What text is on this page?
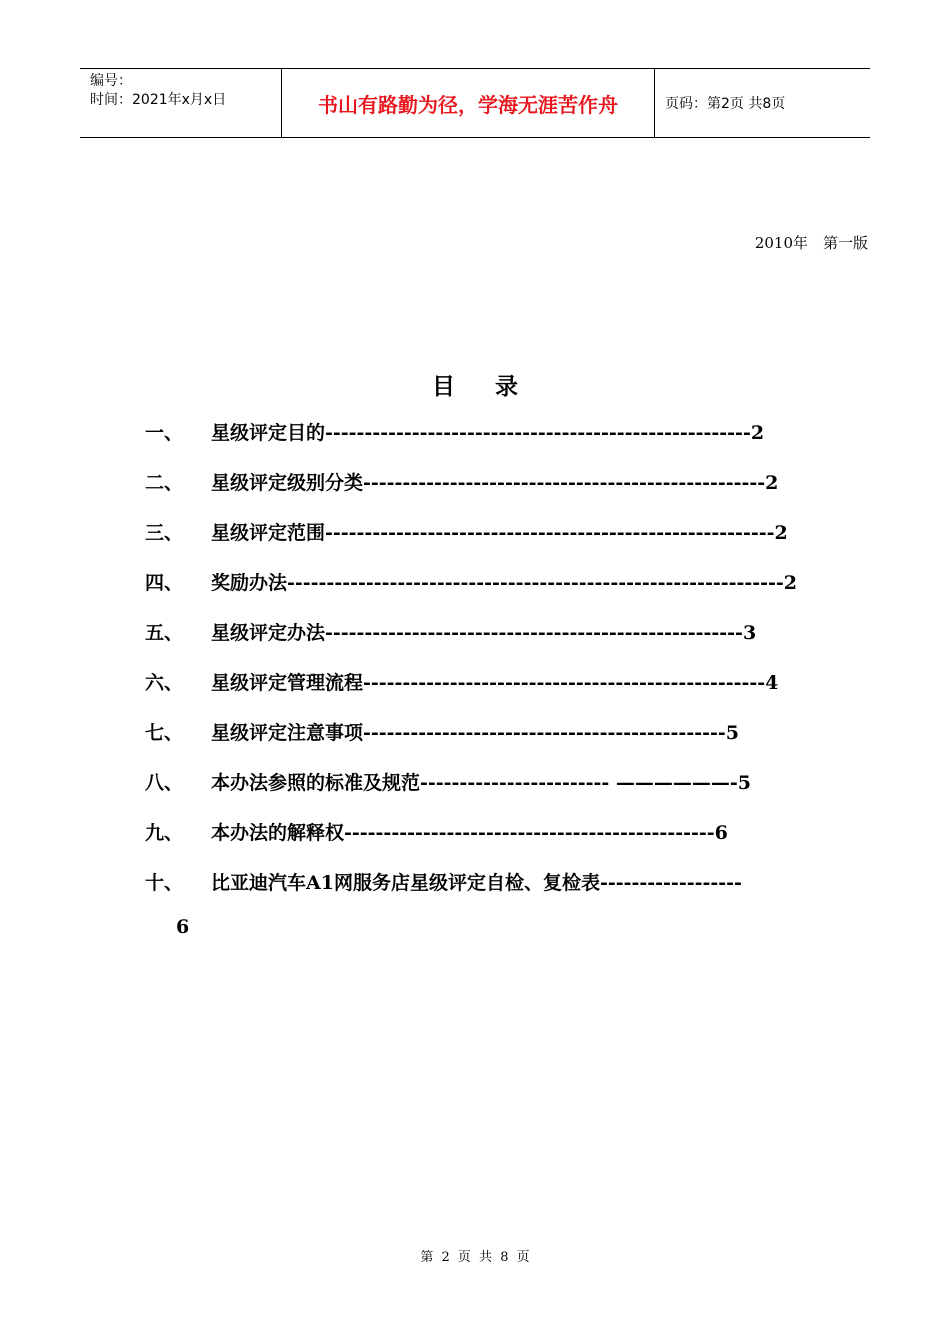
编号：
时间：2021年x月x日	书山有路勤为径，学海无涯苦作舟	页码：第2页 共8页
2010年　第一版
目录
一、	星级评定目的------------------------------------------------------2
二、	星级评定级别分类---------------------------------------------------2
三、	星级评定范围---------------------------------------------------------2
四、	奖励办法---------------------------------------------------------------2
五、	星级评定办法-----------------------------------------------------3
六、	星级评定管理流程---------------------------------------------------4
七、	星级评定注意事项----------------------------------------------5
八、	本办法参照的标准及规范------------------------ ——————-5
九、	本办法的解释权-----------------------------------------------6
十、	比亚迪汽车A1网服务店星级评定自检、复检表------------------
6
第 2 页 共 8 页
